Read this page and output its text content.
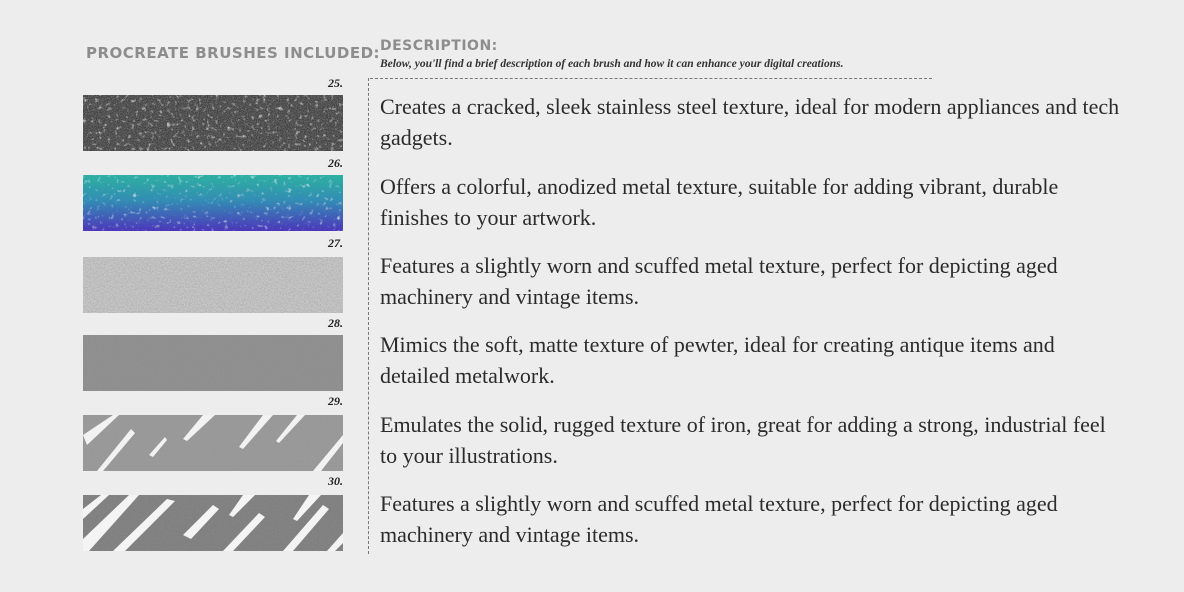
PROCREATE BRUSHES INCLUDED: DESCRIPTION:
Below, you'll find a brief description of each brush and how it can enhance your digital creations.
25.
Creates a cracked, sleek stainless steel texture, ideal for modern appliances and tech gadgets.
26.
Offers a colorful, anodized metal texture, suitable for adding vibrant, durable finishes to your artwork.
27.
Features a slightly worn and scuffed metal texture, perfect for depicting aged machinery and vintage items.
28.
Mimics the soft, matte texture of pewter, ideal for creating antique items and detailed metalwork.
29.
Emulates the solid, rugged texture of iron, great for adding a strong, industrial feel to your illustrations.
30.
Features a slightly worn and scuffed metal texture, perfect for depicting aged machinery and vintage items.
